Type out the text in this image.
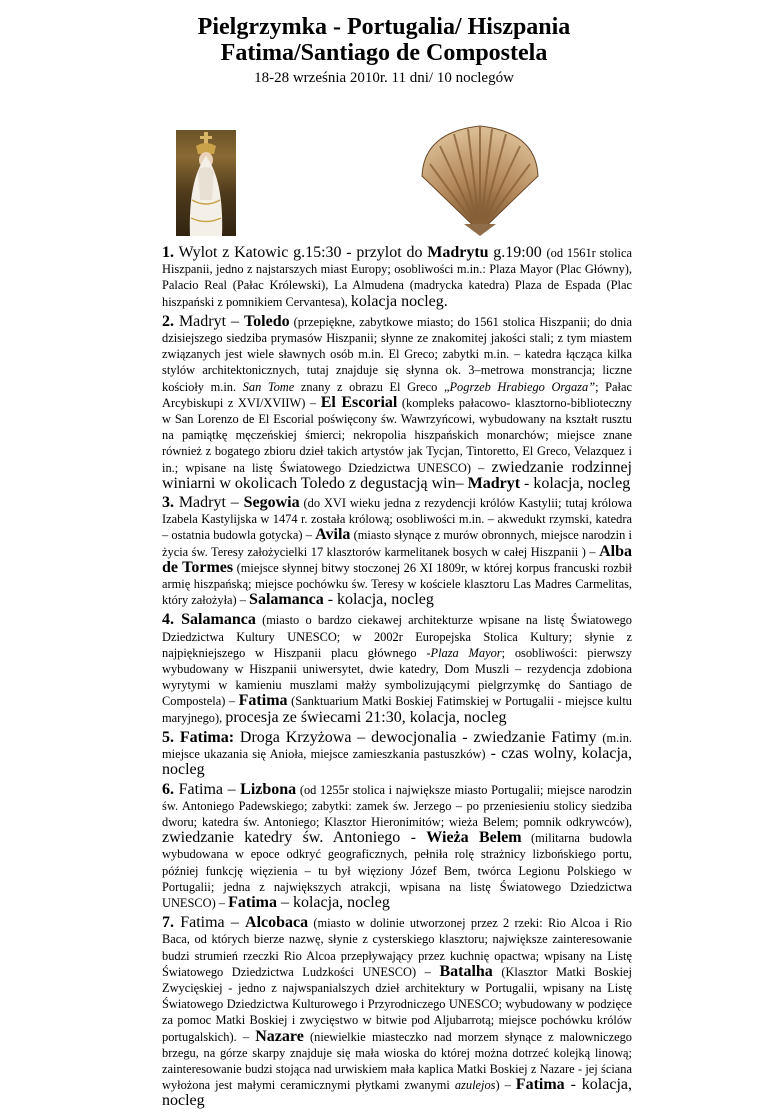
Pielgrzymka - Portugalia/ Hiszpania
Fatima/Santiago de Compostela
18-28 września 2010r. 11 dni/ 10 noclegów

1. Wylot z Katowic g.15:30 - przylot do Madrytu g.19:00 (od 1561r stolica Hiszpanii, jedno z najstarszych miast Europy; osobliwości m.in.: Plaza Mayor (Plac Główny), Palacio Real (Pałac Królewski), La Almudena (madrycka katedra) Plaza de Espada (Plac hiszpański z pomnikiem Cervantesa), kolacja nocleg.

2. Madryt – Toledo (przepiękne, zabytkowe miasto; do 1561 stolica Hiszpanii; do dnia dzisiejszego siedziba prymasów Hiszpanii; słynne ze znakomitej jakości stali; z tym miastem związanych jest wiele sławnych osób m.in. El Greco; zabytki m.in. – katedra łącząca kilka stylów architektonicznych, tutaj znajduje się słynna ok. 3–metrowa monstrancja; liczne kościoły m.in. San Tome znany z obrazu El Greco „Pogrzeb Hrabiego Orgaza”; Pałac Arcybiskupi z XVI/XVIIW) – El Escorial (kompleks pałacowo- klasztorno-biblioteczny w San Lorenzo de El Escorial poświęcony św. Wawrzyńcowi, wybudowany na kształt rusztu na pamiątkę męczeńskiej śmierci; nekropolia hiszpańskich monarchów; miejsce znane również z bogatego zbioru dzieł takich artystów jak Tycjan, Tintoretto, El Greco, Velazquez i in.; wpisane na listę Światowego Dziedzictwa UNESCO) – zwiedzanie rodzinnej winiarni w okolicach Toledo z degustacją win– Madryt - kolacja, nocleg

3. Madryt – Segowia (do XVI wieku jedna z rezydencji królów Kastylii; tutaj królowa Izabela Kastylijska w 1474 r. została królową; osobliwości m.in. – akwedukt rzymski, katedra – ostatnia budowla gotycka) – Avila (miasto słynące z murów obronnych, miejsce narodzin i życia św. Teresy założycielki 17 klasztorów karmelitanek bosych w całej Hiszpanii ) – Alba de Tormes (miejsce słynnej bitwy stoczonej 26 XI 1809r, w której korpus francuski rozbił armię hiszpańską; miejsce pochówku św. Teresy w kościele klasztoru Las Madres Carmelitas, który założyła) – Salamanca - kolacja, nocleg

4. Salamanca (miasto o bardzo ciekawej architekturze wpisane na listę Światowego Dziedzictwa Kultury UNESCO; w 2002r Europejska Stolica Kultury; słynie z najpiękniejszego w Hiszpanii placu głównego -Plaza Mayor; osobliwości: pierwszy wybudowany w Hiszpanii uniwersytet, dwie katedry, Dom Muszli – rezydencja zdobiona wyrytymi w kamieniu muszlami małży symbolizującymi pielgrzymkę do Santiago de Compostela) – Fatima (Sanktuarium Matki Boskiej Fatimskiej w Portugalii - miejsce kultu maryjnego), procesja ze świecami 21:30, kolacja, nocleg

5. Fatima: Droga Krzyżowa – dewocjonalia - zwiedzanie Fatimy (m.in. miejsce ukazania się Anioła, miejsce zamieszkania pastuszków) - czas wolny, kolacja, nocleg

6. Fatima – Lizbona (od 1255r stolica i największe miasto Portugalii; miejsce narodzin św. Antoniego Padewskiego; zabytki: zamek św. Jerzego – po przeniesieniu stolicy siedziba dworu; katedra św. Antoniego; Klasztor Hieronimitów; wieża Belem; pomnik odkrywców), zwiedzanie katedry św. Antoniego - Wieża Belem (militarna budowla wybudowana w epoce odkryć geograficznych, pełniła rolę strażnicy lizbońskiego portu, później funkcję więzienia – tu był więziony Józef Bem, twórca Legionu Polskiego w Portugalii; jedna z największych atrakcji, wpisana na listę Światowego Dziedzictwa UNESCO) – Fatima – kolacja, nocleg

7. Fatima – Alcobaca (miasto w dolinie utworzonej przez 2 rzeki: Rio Alcoa i Rio Baca, od których bierze nazwę, słynie z cysterskiego klasztoru; największe zainteresowanie budzi strumień rzeczki Rio Alcoa przepływający przez kuchnię opactwa; wpisany na Listę Światowego Dziedzictwa Ludzkości UNESCO) – Batalha (Klasztor Matki Boskiej Zwycięskiej - jedno z najwspanialszych dzieł architektury w Portugalii, wpisany na Listę Światowego Dziedzictwa Kulturowego i Przyrodniczego UNESCO; wybudowany w podzięce za pomoc Matki Boskiej i zwycięstwo w bitwie pod Aljubarrotą; miejsce pochówku królów portugalskich). – Nazare (niewielkie miasteczko nad morzem słynące z malowniczego brzegu, na górze skarpy znajduje się mała wioska do której można dotrzeć kolejką linową; zainteresowanie budzi stojąca nad urwiskiem mała kaplica Matki Boskiej z Nazare - jej ściana wyłożona jest małymi ceramicznymi płytkami zwanymi azulejos) – Fatima - kolacja, nocleg
